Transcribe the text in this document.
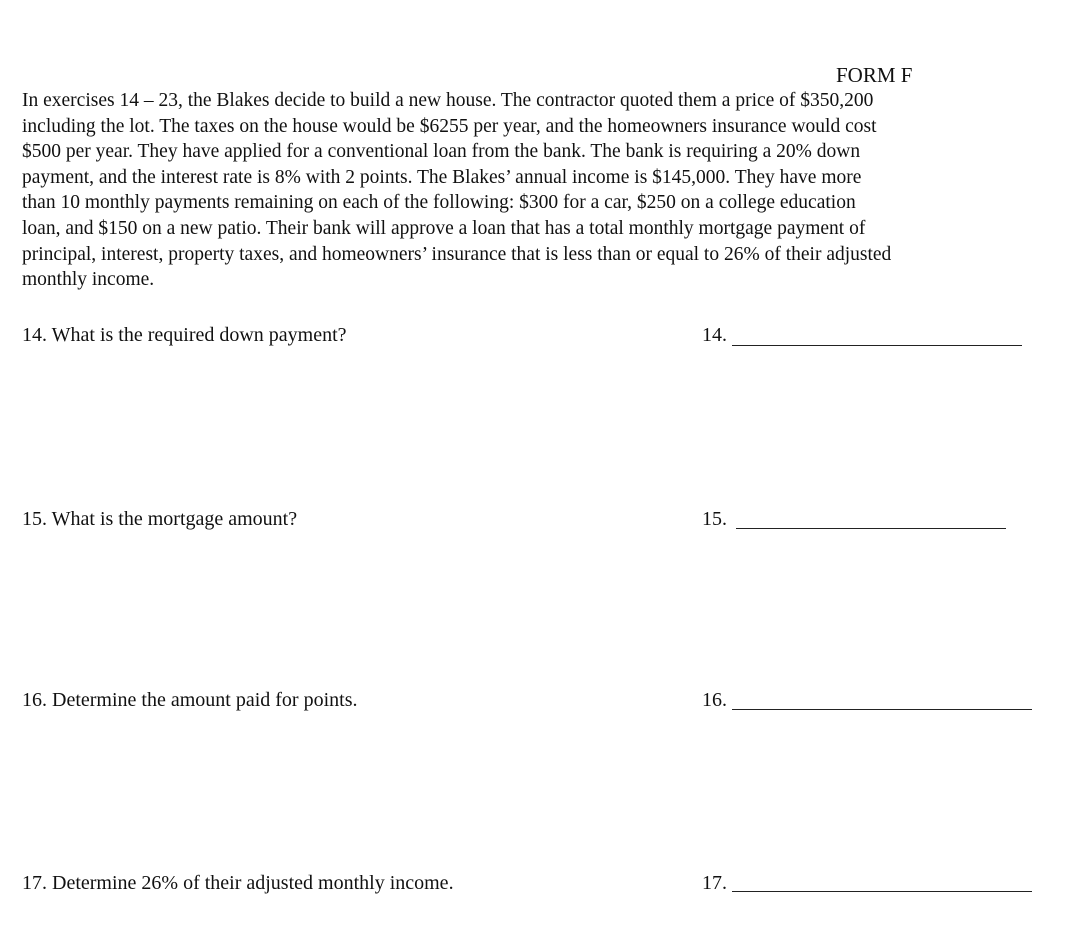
FORM F

In exercises 14 – 23, the Blakes decide to build a new house. The contractor quoted them a price of $350,200
including the lot. The taxes on the house would be $6255 per year, and the homeowners insurance would cost
$500 per year. They have applied for a conventional loan from the bank. The bank is requiring a 20% down
payment, and the interest rate is 8% with 2 points. The Blakes’ annual income is $145,000. They have more
than 10 monthly payments remaining on each of the following: $300 for a car, $250 on a college education
loan, and $150 on a new patio. Their bank will approve a loan that has a total monthly mortgage payment of
principal, interest, property taxes, and homeowners’ insurance that is less than or equal to 26% of their adjusted
monthly income.

14. What is the required down payment?	14.
15. What is the mortgage amount?	15.
16. Determine the amount paid for points.	16.
17. Determine 26% of their adjusted monthly income.	17.
